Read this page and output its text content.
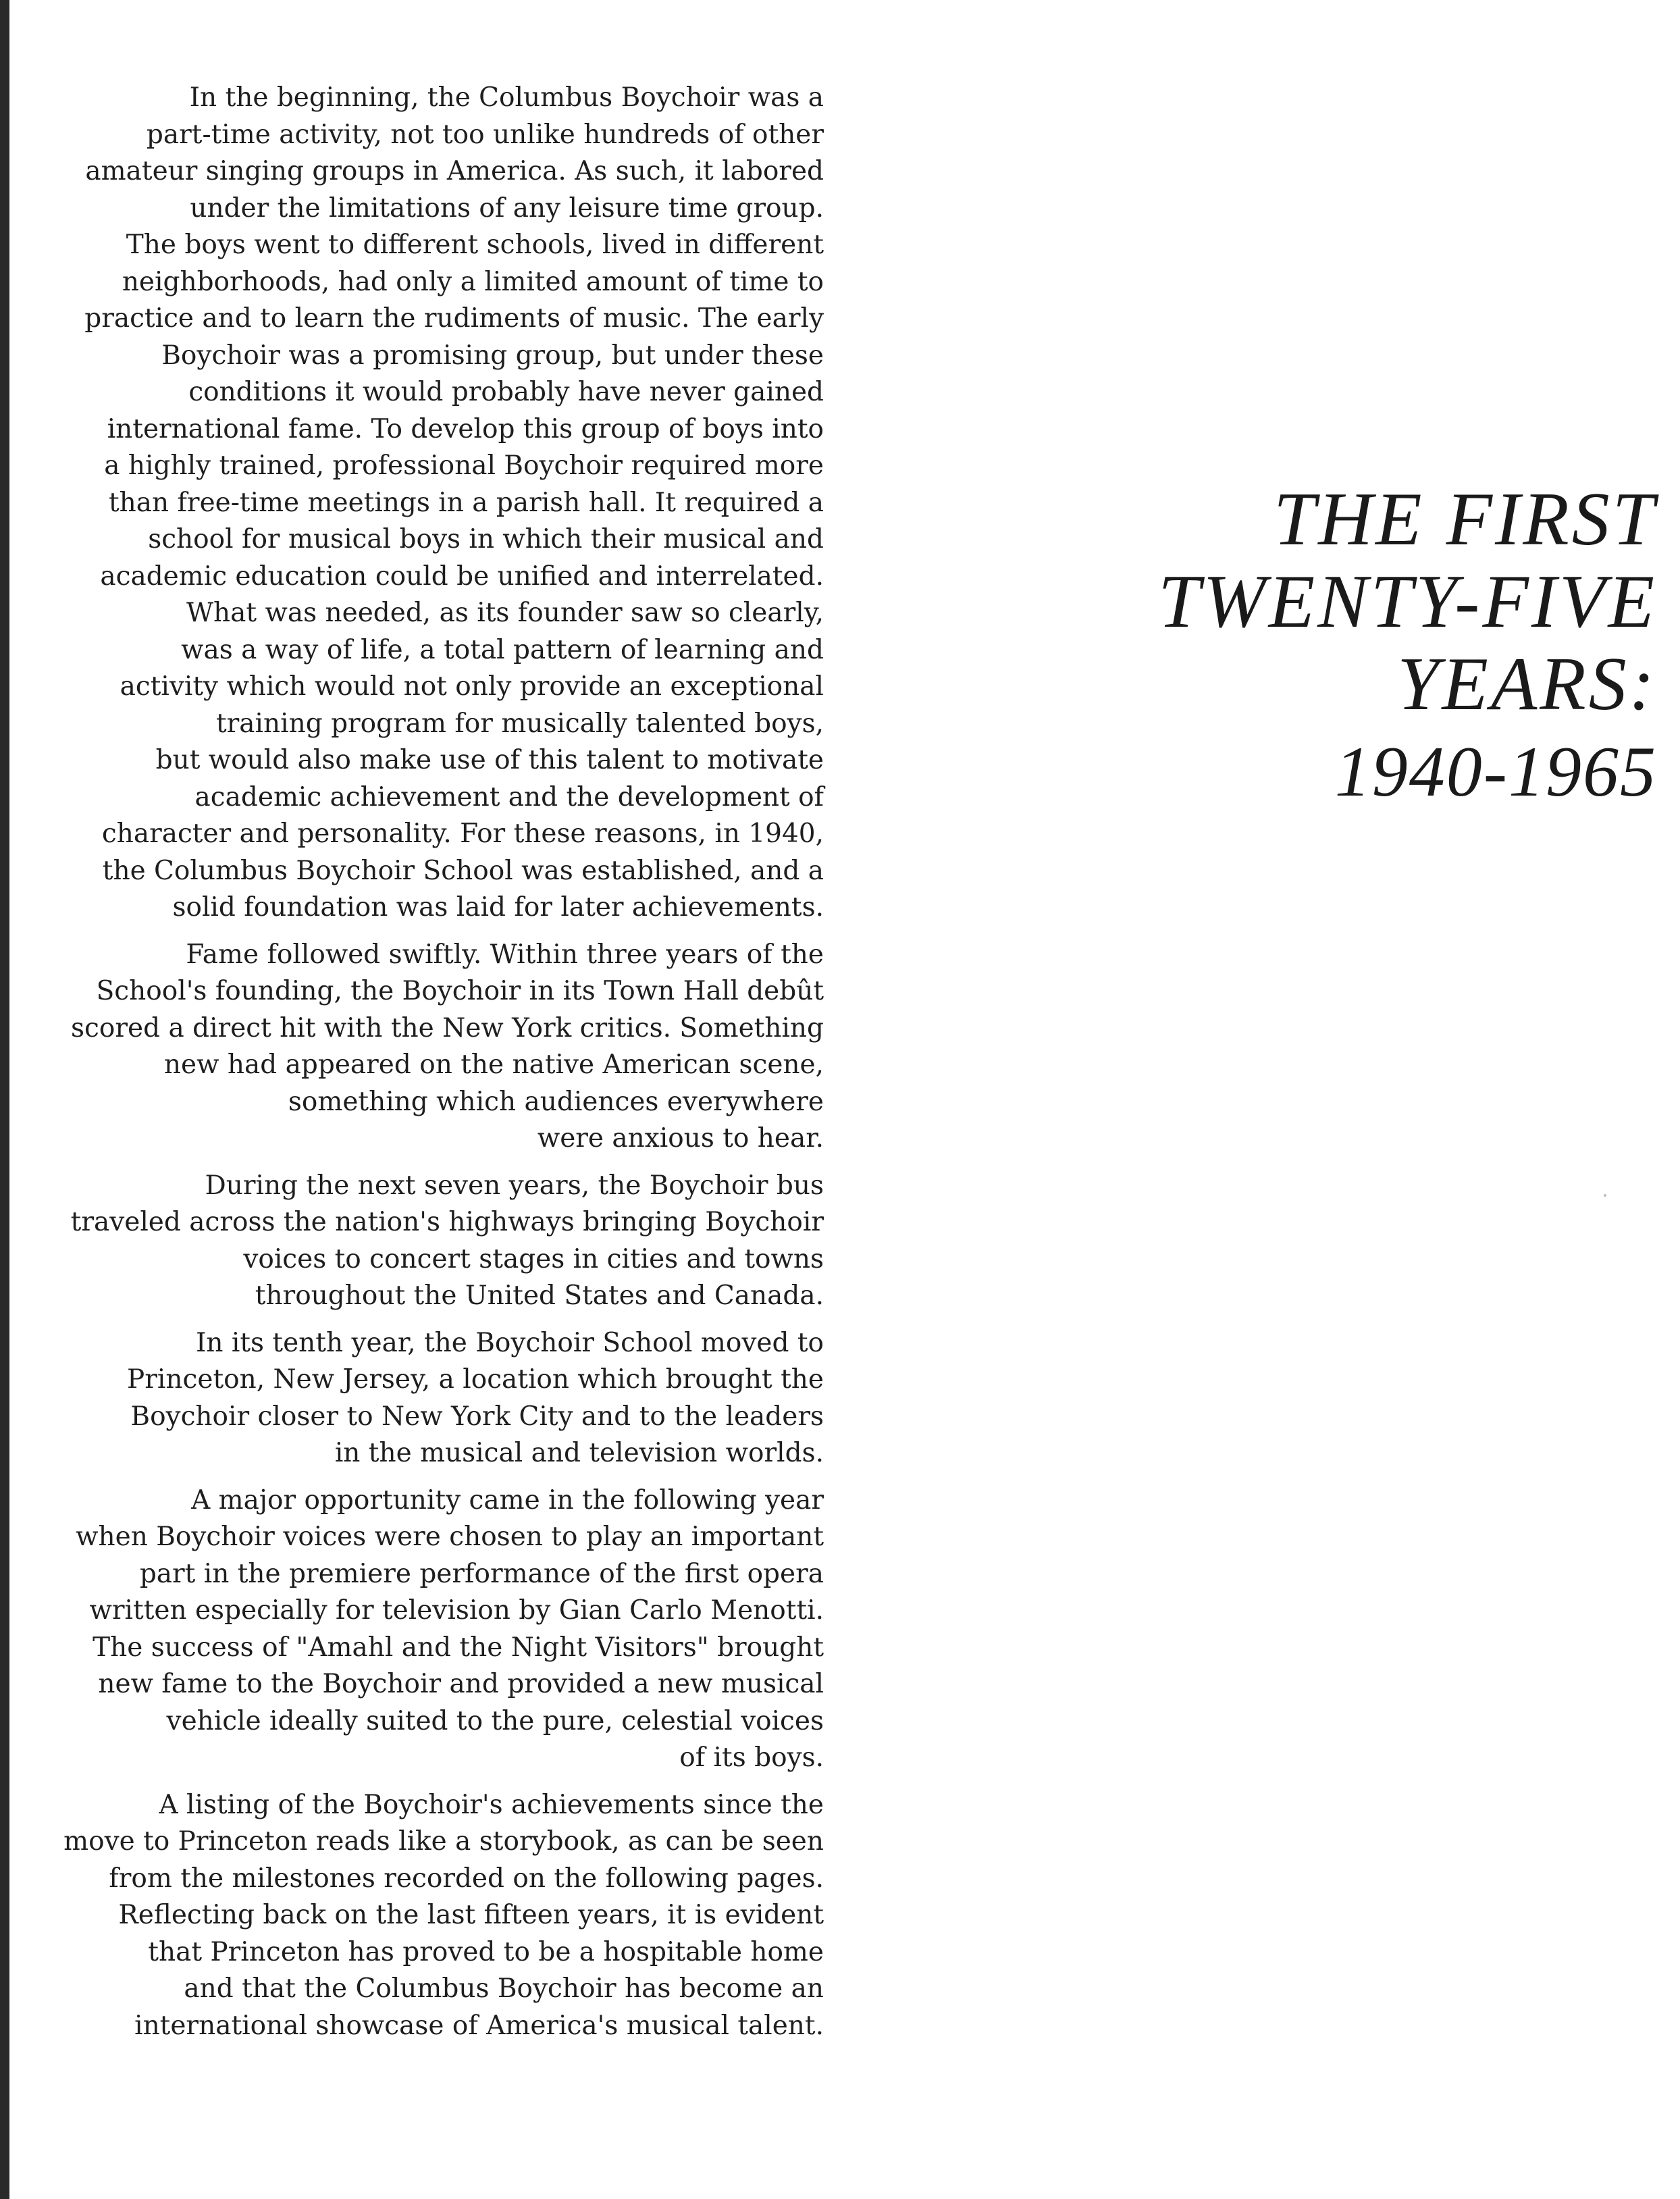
In the beginning, the Columbus Boychoir was a
part-time activity, not too unlike hundreds of other
amateur singing groups in America. As such, it labored
under the limitations of any leisure time group.
The boys went to different schools, lived in different
neighborhoods, had only a limited amount of time to
practice and to learn the rudiments of music. The early
Boychoir was a promising group, but under these
conditions it would probably have never gained
international fame. To develop this group of boys into
a highly trained, professional Boychoir required more
than free-time meetings in a parish hall. It required a
school for musical boys in which their musical and
academic education could be unified and interrelated.
What was needed, as its founder saw so clearly,
was a way of life, a total pattern of learning and
activity which would not only provide an exceptional
training program for musically talented boys,
but would also make use of this talent to motivate
academic achievement and the development of
character and personality. For these reasons, in 1940,
the Columbus Boychoir School was established, and a
solid foundation was laid for later achievements.

Fame followed swiftly. Within three years of the
School's founding, the Boychoir in its Town Hall debût
scored a direct hit with the New York critics. Something
new had appeared on the native American scene,
something which audiences everywhere
were anxious to hear.

During the next seven years, the Boychoir bus
traveled across the nation's highways bringing Boychoir
voices to concert stages in cities and towns
throughout the United States and Canada.

In its tenth year, the Boychoir School moved to
Princeton, New Jersey, a location which brought the
Boychoir closer to New York City and to the leaders
in the musical and television worlds.

A major opportunity came in the following year
when Boychoir voices were chosen to play an important
part in the premiere performance of the first opera
written especially for television by Gian Carlo Menotti.
The success of "Amahl and the Night Visitors" brought
new fame to the Boychoir and provided a new musical
vehicle ideally suited to the pure, celestial voices
of its boys.

A listing of the Boychoir's achievements since the
move to Princeton reads like a storybook, as can be seen
from the milestones recorded on the following pages.
Reflecting back on the last fifteen years, it is evident
that Princeton has proved to be a hospitable home
and that the Columbus Boychoir has become an
international showcase of America's musical talent.

THE FIRST
TWENTY-FIVE
YEARS:
1940-1965
